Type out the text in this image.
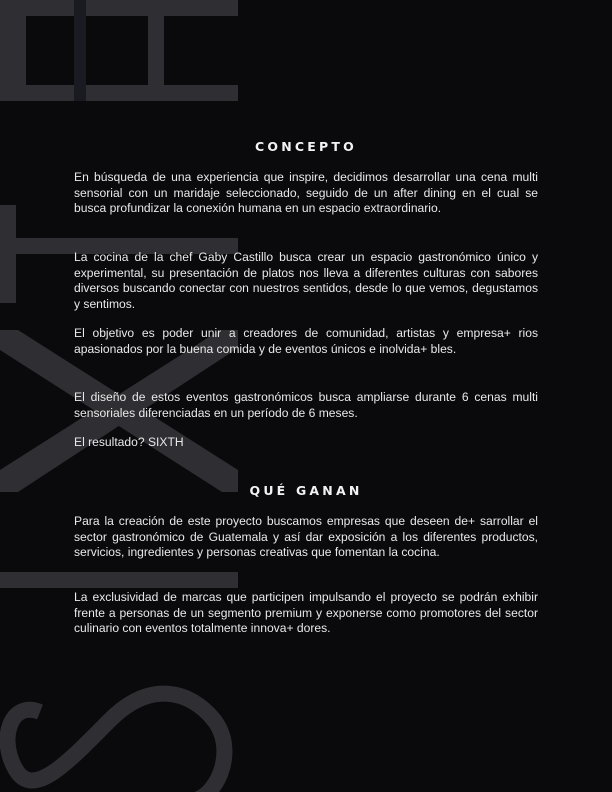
CONCEPTO

En búsqueda de una experiencia que inspire, decidimos desarrollar una cena multi sensorial con un maridaje seleccionado, seguido de un after dining en el cual se busca profundizar la conexión humana en un espacio extraordinario.

La cocina de la chef Gaby Castillo busca crear un espacio gastronómico único y experimental, su presentación de platos nos lleva a diferentes culturas con sabores diversos buscando conectar con nuestros sentidos, desde lo que vemos, degustamos y sentimos.

El objetivo es poder unir a creadores de comunidad, artistas y empresa+ rios apasionados por la buena comida y de eventos únicos e inolvida+ bles.

El diseño de estos eventos gastronómicos busca ampliarse durante 6 cenas multi sensoriales diferenciadas en un período de 6 meses.

El resultado? SIXTH

QUÉ GANAN

Para la creación de este proyecto buscamos empresas que deseen de+ sarrollar el sector gastronómico de Guatemala y así dar exposición a los diferentes productos, servicios, ingredientes y personas creativas que fomentan la cocina.

La exclusividad de marcas que participen impulsando el proyecto se podrán exhibir frente a personas de un segmento premium y exponerse como promotores del sector culinario con eventos totalmente innova+ dores.
